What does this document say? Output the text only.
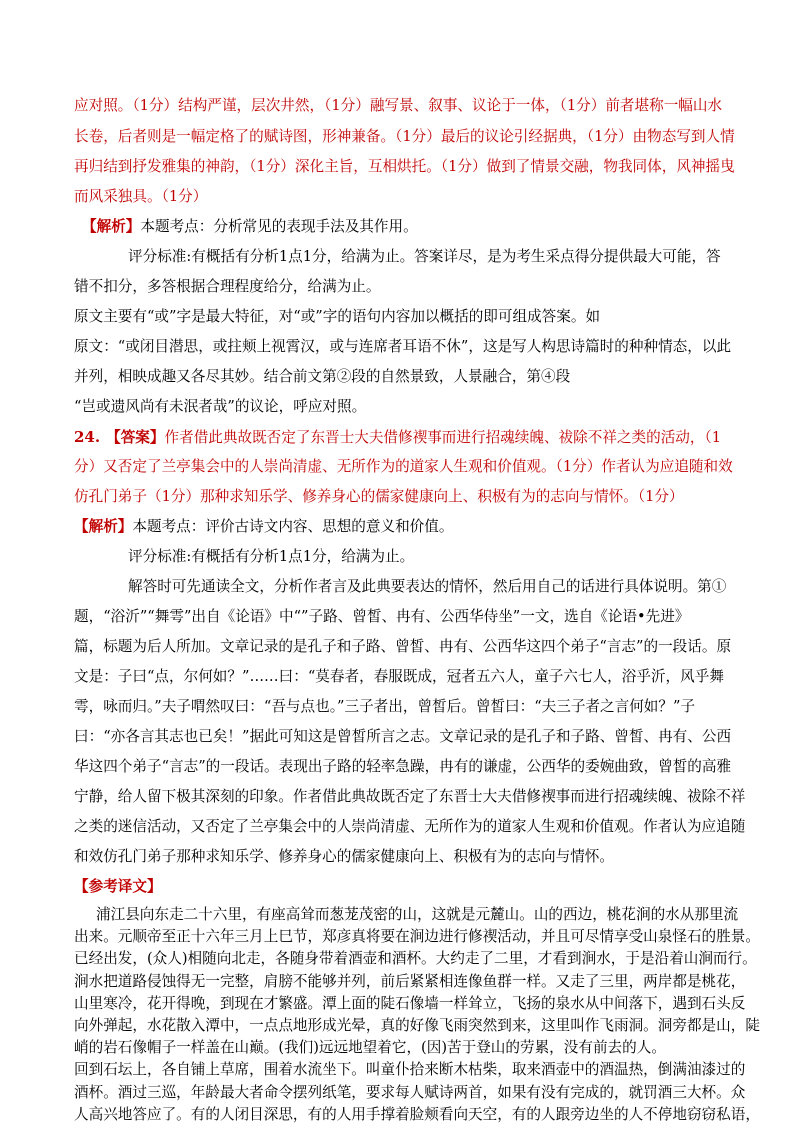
应对照。（1分）结构严谨，层次井然，（1分）融写景、叙事、议论于一体，（1分）前者堪称一幅山水
长卷，后者则是一幅定格了的赋诗图，形神兼备。（1分）最后的议论引经据典，（1分）由物态写到人情
再归结到抒发雅集的神韵，（1分）深化主旨，互相烘托。（1分）做到了情景交融，物我同体，风神摇曳
而风采独具。（1分）
【解析】本题考点：分析常见的表现手法及其作用。
评分标准:有概括有分析1点1分，给满为止。答案详尽，是为考生采点得分提供最大可能，答
错不扣分，多答根据合理程度给分，给满为止。
原文主要有“或”字是最大特征，对“或”字的语句内容加以概括的即可组成答案。如
原文：“或闭目潜思，或拄颊上视霄汉，或与连席者耳语不休”，这是写人构思诗篇时的种种情态，以此
并列，相映成趣又各尽其妙。结合前文第②段的自然景致，人景融合，第④段
“岂或遗风尚有未泯者哉”的议论，呼应对照。
24. 【答案】作者借此典故既否定了东晋士大夫借修禊事而进行招魂续魄、祓除不祥之类的活动，（1
分）又否定了兰亭集会中的人崇尚清虚、无所作为的道家人生观和价值观。（1分）作者认为应追随和效
仿孔门弟子（1分）那种求知乐学、修养身心的儒家健康向上、积极有为的志向与情怀。（1分）
【解析】本题考点：评价古诗文内容、思想的意义和价值。
评分标准:有概括有分析1点1分，给满为止。
解答时可先通读全文，分析作者言及此典要表达的情怀，然后用自己的话进行具体说明。第①
题，“浴沂”“舞雩”出自《论语》中“”子路、曾皙、冉有、公西华侍坐”一文，选自《论语•先进》
篇，标题为后人所加。文章记录的是孔子和子路、曾皙、冉有、公西华这四个弟子“言志”的一段话。原
文是：子曰“点，尔何如？”……曰：“莫春者，春服既成，冠者五六人，童子六七人，浴乎沂，风乎舞
雩，咏而归。”夫子喟然叹曰：“吾与点也。”三子者出，曾皙后。曾皙曰：“夫三子者之言何如？”子
曰：“亦各言其志也已矣！”据此可知这是曾皙所言之志。文章记录的是孔子和子路、曾皙、冉有、公西
华这四个弟子“言志”的一段话。表现出子路的轻率急躁，冉有的谦虚，公西华的委婉曲致，曾皙的高雅
宁静，给人留下极其深刻的印象。作者借此典故既否定了东晋士大夫借修禊事而进行招魂续魄、祓除不祥
之类的迷信活动，又否定了兰亭集会中的人崇尚清虚、无所作为的道家人生观和价值观。作者认为应追随
和效仿孔门弟子那种求知乐学、修养身心的儒家健康向上、积极有为的志向与情怀。
【参考译文】
浦江县向东走二十六里，有座高耸而葱茏茂密的山，这就是元麓山。山的西边，桃花涧的水从那里流
出来。元顺帝至正十六年三月上巳节，郑彦真将要在涧边进行修禊活动，并且可尽情享受山泉怪石的胜景。
已经出发，(众人)相随向北走，各随身带着酒壶和酒杯。大约走了二里，才看到涧水，于是沿着山涧而行。
涧水把道路侵蚀得无一完整，肩膀不能够并列，前后紧紧相连像鱼群一样。又走了三里，两岸都是桃花，
山里寒冷，花开得晚，到现在才繁盛。潭上面的陡石像墙一样耸立，飞扬的泉水从中间落下，遇到石头反
向外弹起，水花散入潭中，一点点地形成光晕，真的好像飞雨突然到来，这里叫作飞雨洞。洞旁都是山，陡
峭的岩石像帽子一样盖在山巅。(我们)远远地望着它，(因)苦于登山的劳累，没有前去的人。
回到石坛上，各自铺上草席，围着水流坐下。叫童仆拾来断木枯柴，取来酒壶中的酒温热，倒满油漆过的
酒杯。酒过三巡，年龄最大者命令摆列纸笔，要求每人赋诗两首，如果有没有完成的，就罚酒三大杯。众
人高兴地答应了。有的人闭目深思，有的人用手撑着脸颊看向天空，有的人跟旁边坐的人不停地窃窃私语，
